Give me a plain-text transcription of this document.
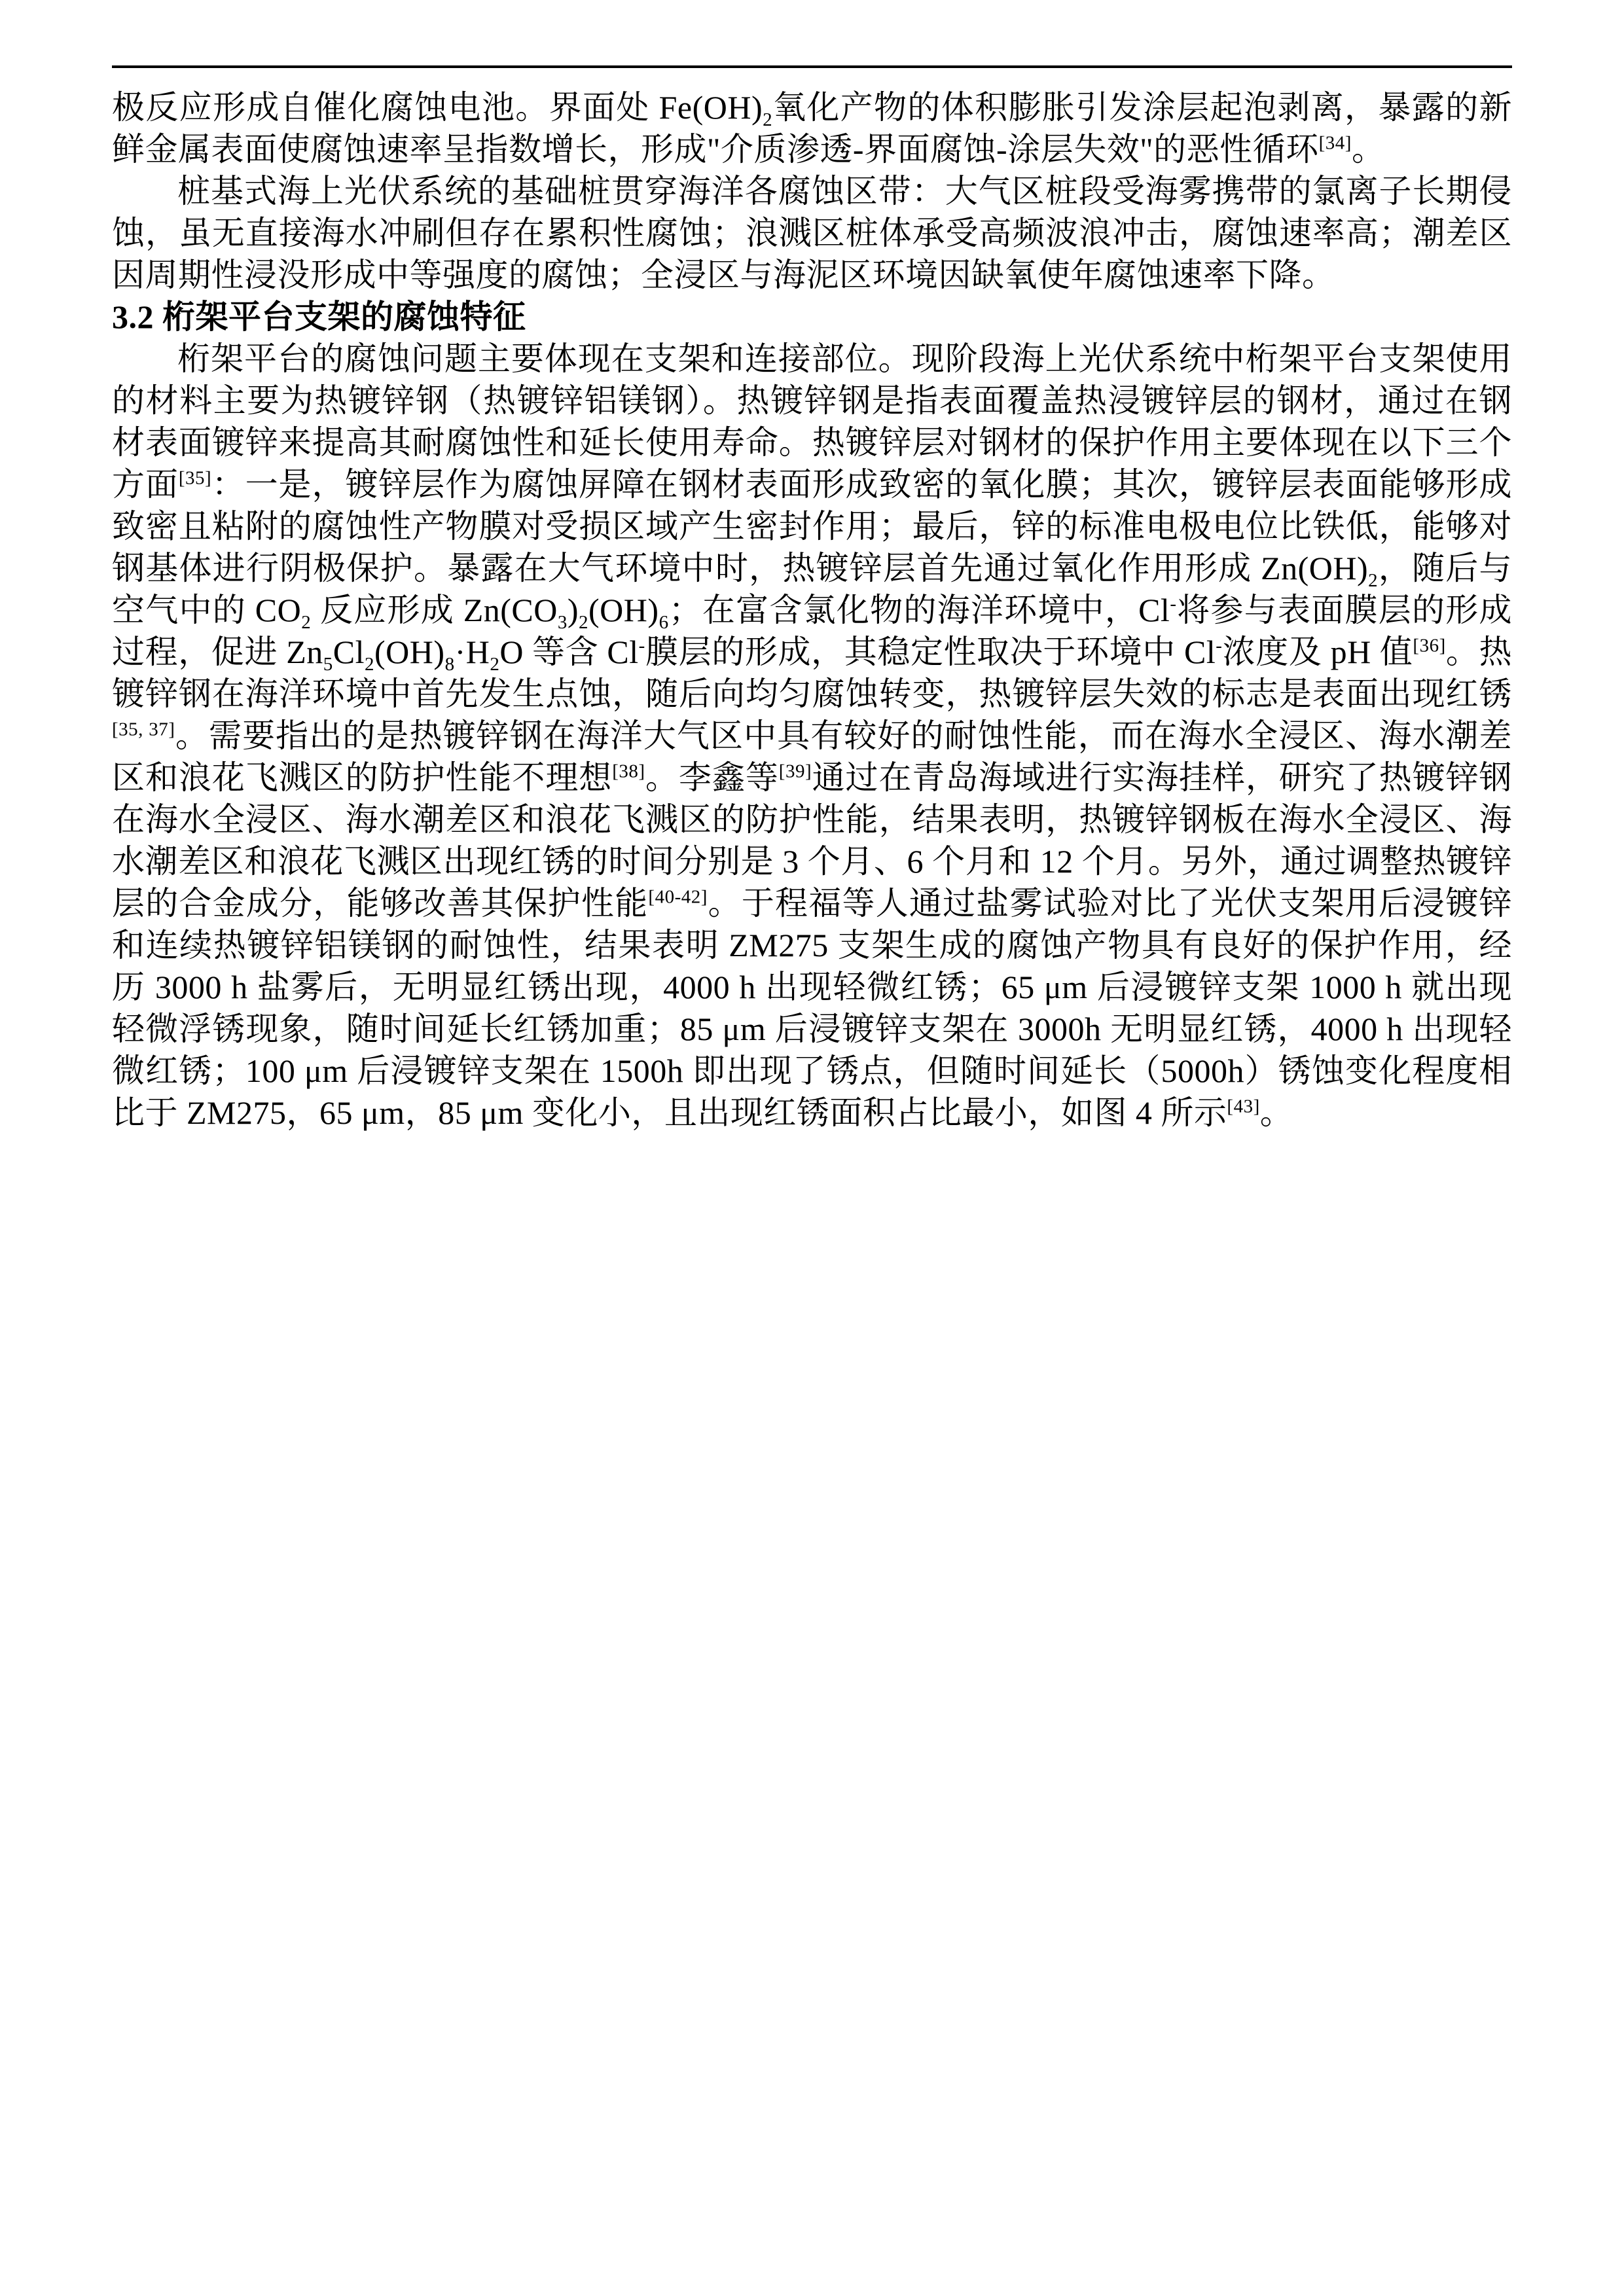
极反应形成自催化腐蚀电池。界面处 $Fe(OH)_2$氧化产物的体积膨胀引发涂层起泡剥离，暴露的新鲜金属表面使腐蚀速率呈指数增长，形成"介质渗透-界面腐蚀-涂层失效"的恶性循环[34]。

桩基式海上光伏系统的基础桩贯穿海洋各腐蚀区带：大气区桩段受海雾携带的氯离子长期侵蚀，虽无直接海水冲刷但存在累积性腐蚀；浪溅区桩体承受高频波浪冲击，腐蚀速率高；潮差区因周期性浸没形成中等强度的腐蚀；全浸区与海泥区环境因缺氧使年腐蚀速率下降。

3.2 桁架平台支架的腐蚀特征

桁架平台的腐蚀问题主要体现在支架和连接部位。现阶段海上光伏系统中桁架平台支架使用的材料主要为热镀锌钢（热镀锌铝镁钢）。热镀锌钢是指表面覆盖热浸镀锌层的钢材，通过在钢材表面镀锌来提高其耐腐蚀性和延长使用寿命。热镀锌层对钢材的保护作用主要体现在以下三个方面[35]：一是，镀锌层作为腐蚀屏障在钢材表面形成致密的氧化膜；其次，镀锌层表面能够形成致密且粘附的腐蚀性产物膜对受损区域产生密封作用；最后，锌的标准电极电位比铁低，能够对钢基体进行阴极保护。暴露在大气环境中时，热镀锌层首先通过氧化作用形成 $Zn(OH)_2$，随后与空气中的 $CO_2$ 反应形成 $Zn(CO_3)_2(OH)_6$；在富含氯化物的海洋环境中，Cl-将参与表面膜层的形成过程，促进 $Zn_5Cl_2(OH)_8\cdot H_2O$ 等含 Cl-膜层的形成，其稳定性取决于环境中 Cl-浓度及 pH 值[36]。热镀锌钢在海洋环境中首先发生点蚀，随后向均匀腐蚀转变，热镀锌层失效的标志是表面出现红锈[35, 37]。需要指出的是热镀锌钢在海洋大气区中具有较好的耐蚀性能，而在海水全浸区、海水潮差区和浪花飞溅区的防护性能不理想[38]。李鑫等[39]通过在青岛海域进行实海挂样，研究了热镀锌钢在海水全浸区、海水潮差区和浪花飞溅区的防护性能，结果表明，热镀锌钢板在海水全浸区、海水潮差区和浪花飞溅区出现红锈的时间分别是 3 个月、6 个月和 12 个月。另外，通过调整热镀锌层的合金成分，能够改善其保护性能[40-42]。于程福等人通过盐雾试验对比了光伏支架用后浸镀锌和连续热镀锌铝镁钢的耐蚀性，结果表明 ZM275 支架生成的腐蚀产物具有良好的保护作用，经历 3000 h 盐雾后，无明显红锈出现，4000 h 出现轻微红锈；65 μm 后浸镀锌支架 1000 h 就出现轻微浮锈现象，随时间延长红锈加重；85 μm 后浸镀锌支架在 3000h 无明显红锈，4000 h 出现轻微红锈；100 μm 后浸镀锌支架在 1500h 即出现了锈点，但随时间延长（5000h）锈蚀变化程度相比于 ZM275，65 μm，85 μm 变化小，且出现红锈面积占比最小，如图 4 所示[43]。
